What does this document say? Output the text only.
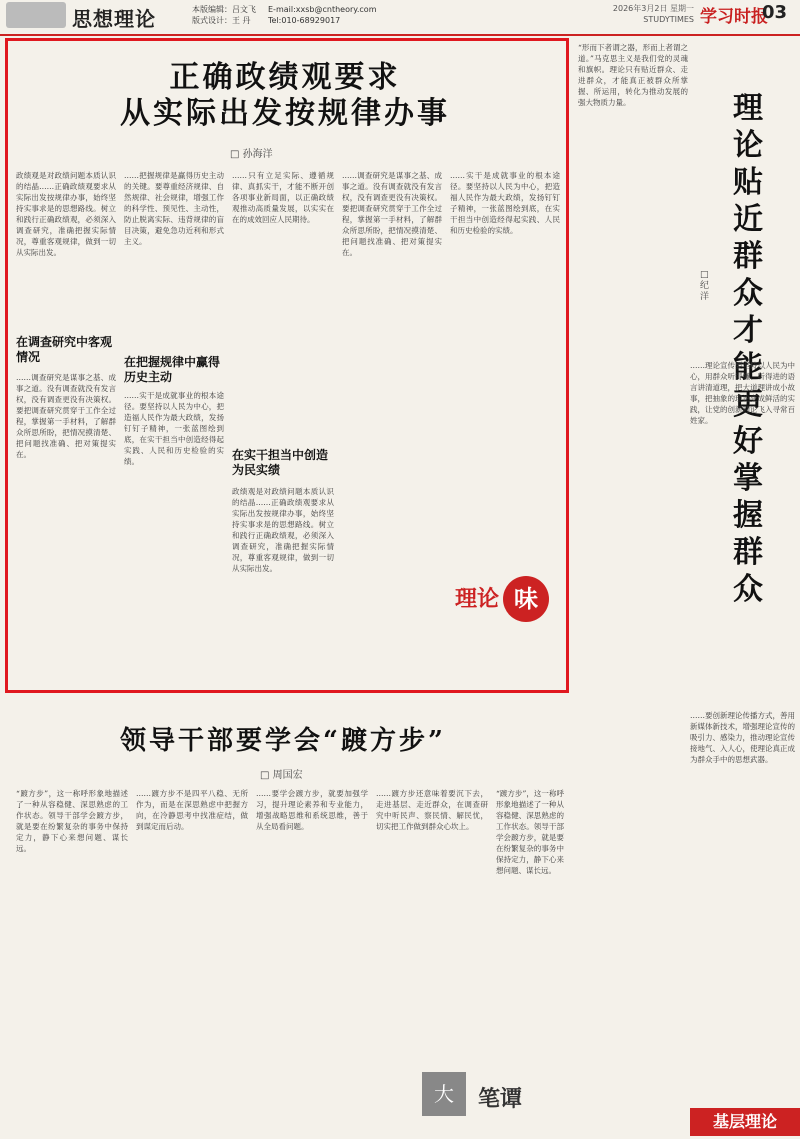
思想理论	本版编辑：吕文飞
版式设计：王 丹
E-mail:xxsb@cntheory.com
Tel:010-68929017
2026年3月2日 星期一
STUDYTIMES 学习时报
03
正确政绩观要求
从实际出发按规律办事
□ 孙海洋
政绩观是对政绩问题本质认识的结晶……正确政绩观要求从实际出发按规律办事，始终坚持实事求是的思想路线。树立和践行正确政绩观，必须深入调查研究，准确把握实际情况，尊重客观规律，做到一切从实际出发。
在调查研究中客观情况
……调查研究是谋事之基、成事之道。没有调查就没有发言权，没有调查更没有决策权。要把调查研究贯穿于工作全过程，掌握第一手材料，了解群众所思所盼，把情况摸清楚、把问题找准确、把对策提实在。
……把握规律是赢得历史主动的关键。要尊重经济规律、自然规律、社会规律，增强工作的科学性、预见性、主动性，防止脱离实际、违背规律的盲目决策，避免急功近利和形式主义。
在把握规律中赢得历史主动
……实干是成就事业的根本途径。要坚持以人民为中心，把造福人民作为最大政绩，发扬钉钉子精神，一张蓝图绘到底，在实干担当中创造经得起实践、人民和历史检验的实绩。
……只有立足实际、遵循规律、真抓实干，才能不断开创各项事业新局面，以正确政绩观推动高质量发展，以实实在在的成效回应人民期待。
在实干担当中创造为民实绩
政绩观是对政绩问题本质认识的结晶……正确政绩观要求从实际出发按规律办事，始终坚持实事求是的思想路线。树立和践行正确政绩观，必须深入调查研究，准确把握实际情况，尊重客观规律，做到一切从实际出发。
……调查研究是谋事之基、成事之道。没有调查就没有发言权，没有调查更没有决策权。要把调查研究贯穿于工作全过程，掌握第一手材料，了解群众所思所盼，把情况摸清楚、把问题找准确、把对策提实在。
……实干是成就事业的根本途径。要坚持以人民为中心，把造福人民作为最大政绩，发扬钉钉子精神，一张蓝图绘到底，在实干担当中创造经得起实践、人民和历史检验的实绩。
理论 味
领导干部要学会“踱方步”
□ 周国宏
“踱方步”，这一称呼形象地描述了一种从容稳健、深思熟虑的工作状态。领导干部学会踱方步，就是要在纷繁复杂的事务中保持定力，静下心来想问题、谋长远。
……踱方步不是四平八稳、无所作为，而是在深思熟虑中把握方向，在冷静思考中找准症结，做到谋定而后动。
……要学会踱方步，就要加强学习，提升理论素养和专业能力，增强战略思维和系统思维，善于从全局看问题。
……踱方步还意味着要沉下去，走进基层、走近群众，在调查研究中听民声、察民情、解民忧，切实把工作做到群众心坎上。
“踱方步”，这一称呼形象地描述了一种从容稳健、深思熟虑的工作状态。领导干部学会踱方步，就是要在纷繁复杂的事务中保持定力，静下心来想问题、谋长远。
大	笔谭
“形而下者谓之器，形而上者谓之道。”马克思主义是我们党的灵魂和旗帜。理论只有贴近群众、走进群众，才能真正被群众所掌握、所运用，转化为推动发展的强大物质力量。	理论贴近群众才能更好掌握群众
□ 纪洋
……理论宣传要坚持以人民为中心，用群众听得懂、听得进的语言讲清道理，把大道理讲成小故事，把抽象的理论变成鲜活的实践，让党的创新理论飞入寻常百姓家。
……要创新理论传播方式，善用新媒体新技术，增强理论宣传的吸引力、感染力，推动理论宣传接地气、入人心，使理论真正成为群众手中的思想武器。
基层理论
